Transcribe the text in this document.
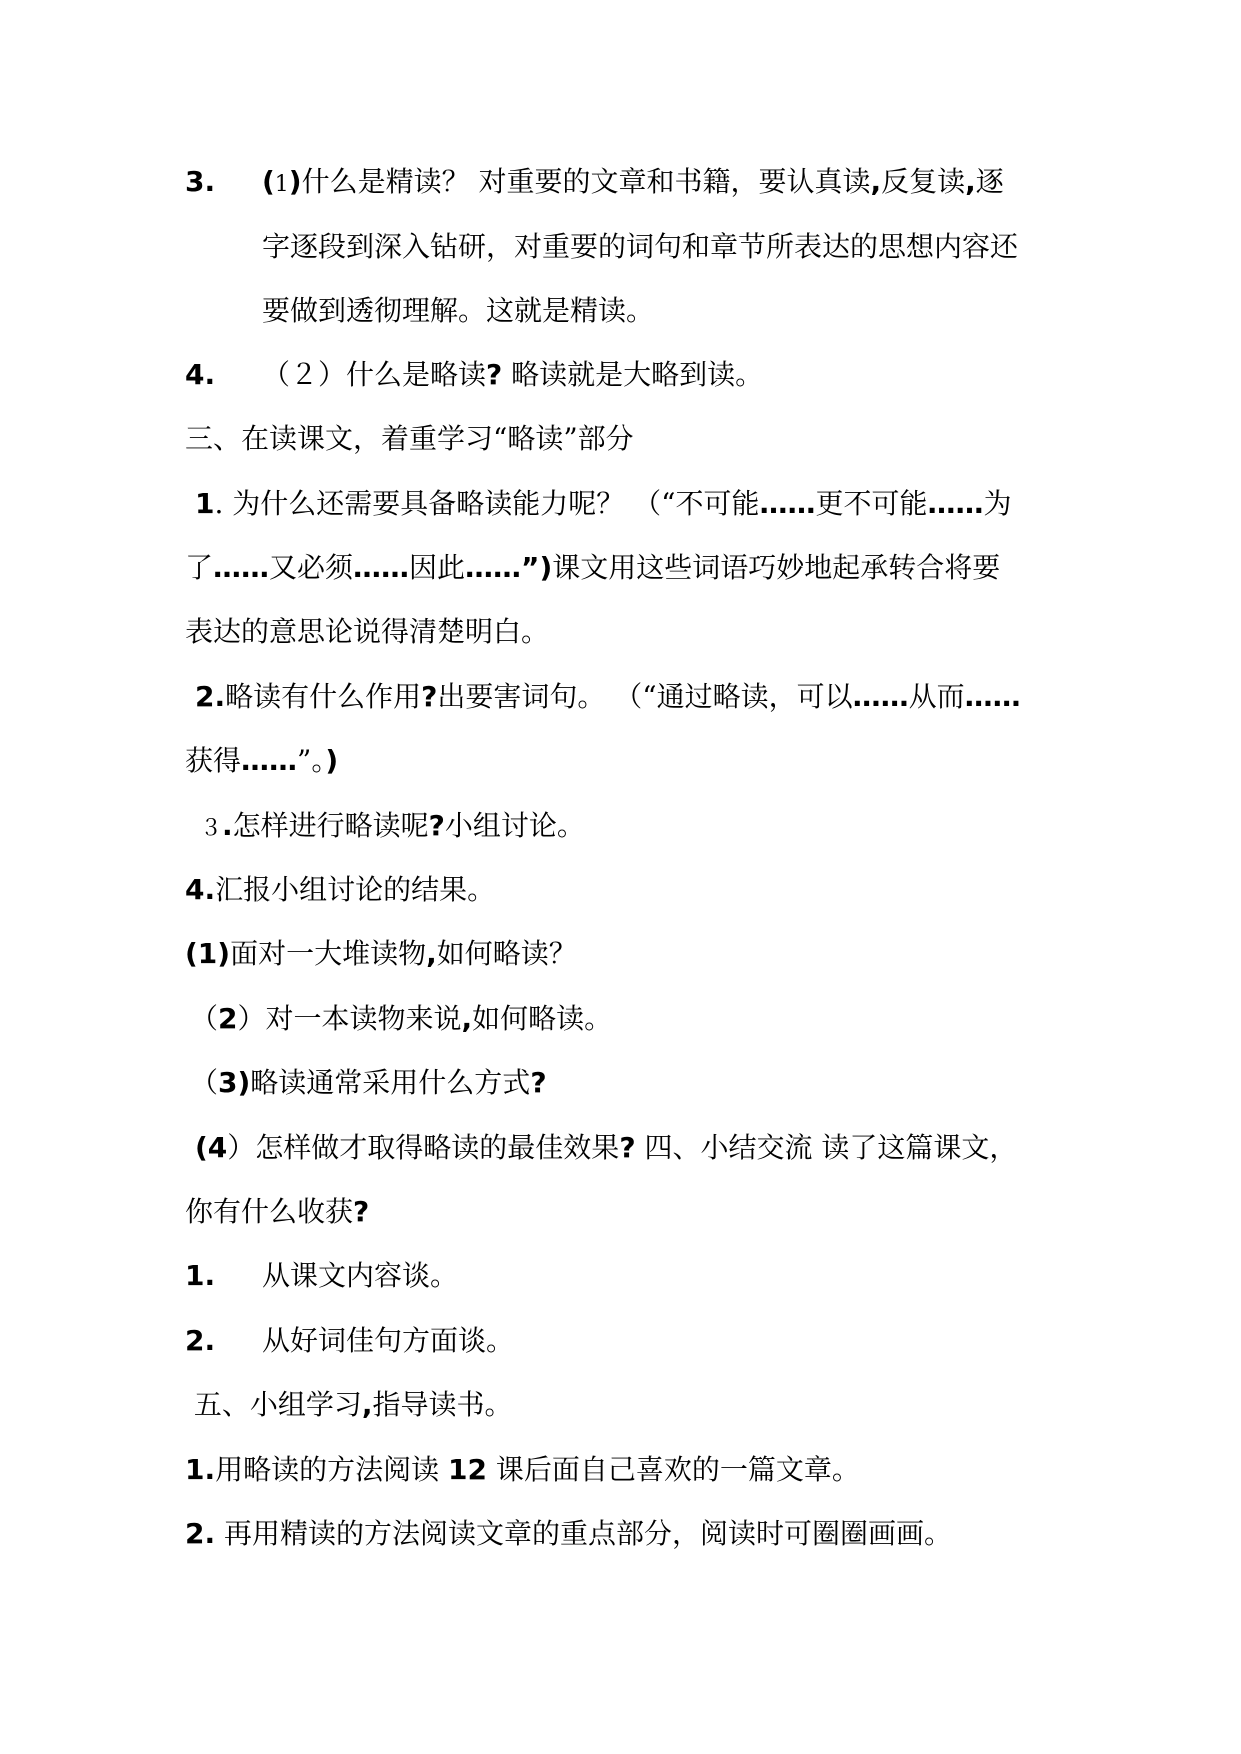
3. (1)什么是精读？ 对重要的文章和书籍，要认真读,反复读,逐
字逐段到深入钻研，对重要的词句和章节所表达的思想内容还
要做到透彻理解。这就是精读。
4. （２）什么是略读? 略读就是大略到读。
三、在读课文，着重学习“略读”部分
1. 为什么还需要具备略读能力呢？ （“不可能……更不可能……为
了……又必须……因此……”)课文用这些词语巧妙地起承转合将要
表达的意思论说得清楚明白。
2.略读有什么作用?出要害词句。 （“通过略读，可以……从而……
获得……”。)
３.怎样进行略读呢?小组讨论。
4.汇报小组讨论的结果。
(1)面对一大堆读物,如何略读？
（2）对一本读物来说,如何略读。
（3)略读通常采用什么方式?
(4）怎样做才取得略读的最佳效果? 四、小结交流 读了这篇课文，
你有什么收获?
1. 从课文内容谈。
2. 从好词佳句方面谈。
五、小组学习,指导读书。
1.用略读的方法阅读 12 课后面自己喜欢的一篇文章。
2. 再用精读的方法阅读文章的重点部分，阅读时可圈圈画画。
